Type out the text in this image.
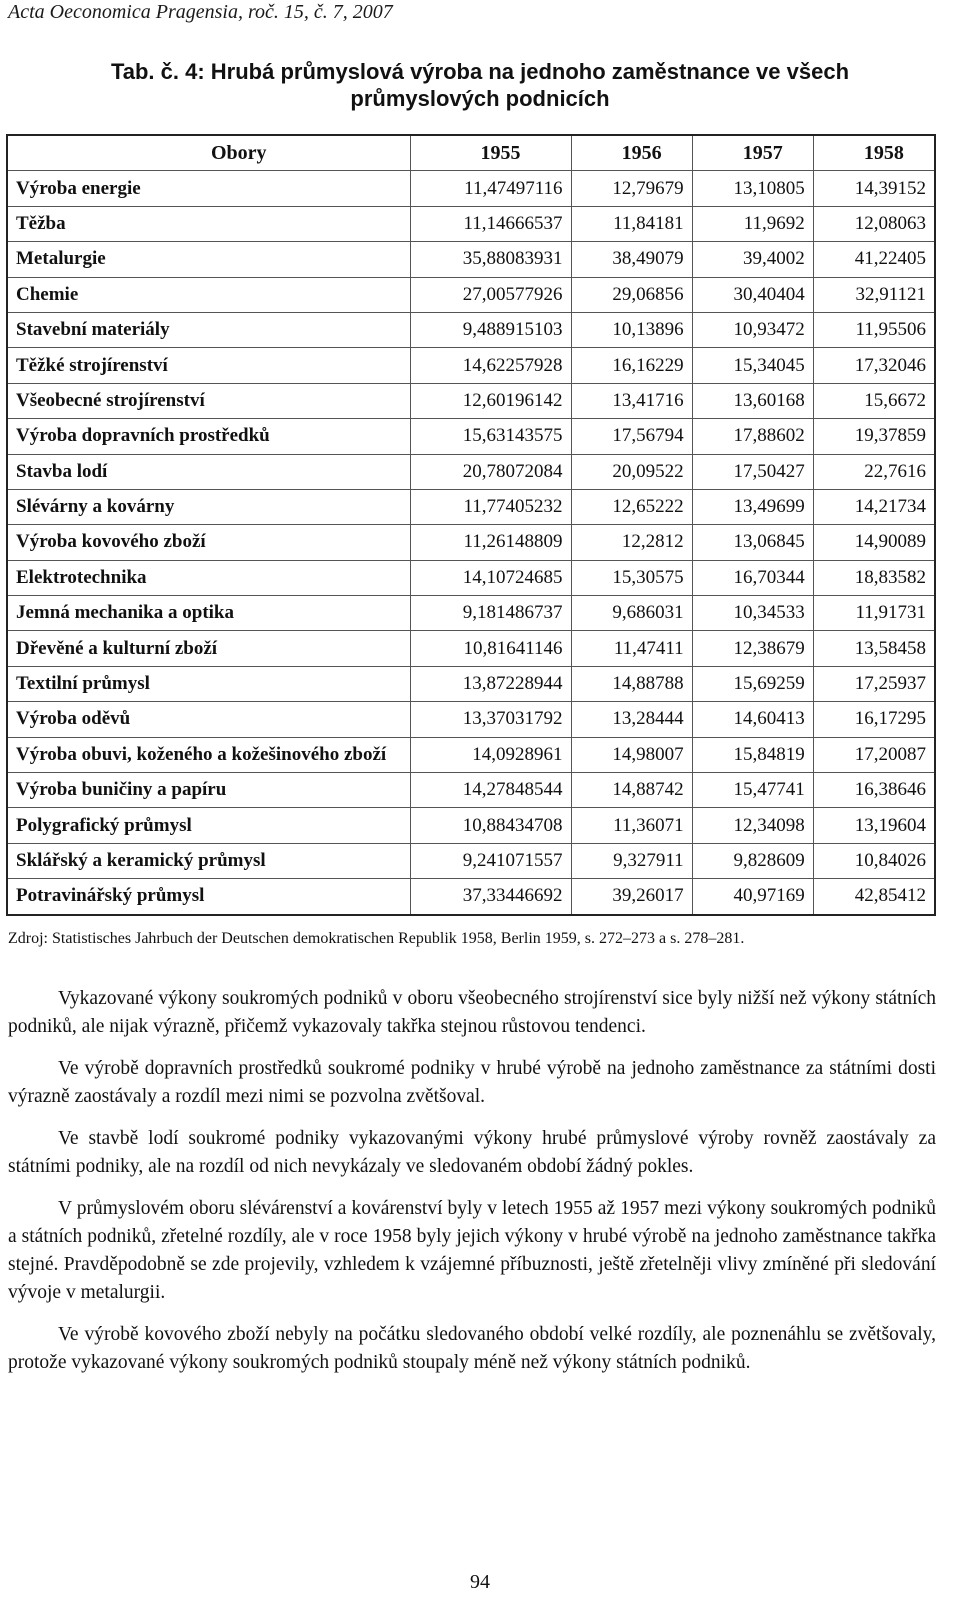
Acta Oeconomica Pragensia, roč. 15, č. 7, 2007
Tab. č. 4: Hrubá průmyslová výroba na jednoho zaměstnance ve všech
průmyslových podnicích
Obory	1955	1956	1957	1958
Výroba energie	11,47497116	12,79679	13,10805	14,39152
Těžba	11,14666537	11,84181	11,9692	12,08063
Metalurgie	35,88083931	38,49079	39,4002	41,22405
Chemie	27,00577926	29,06856	30,40404	32,91121
Stavební materiály	9,488915103	10,13896	10,93472	11,95506
Těžké strojírenství	14,62257928	16,16229	15,34045	17,32046
Všeobecné strojírenství	12,60196142	13,41716	13,60168	15,6672
Výroba dopravních prostředků	15,63143575	17,56794	17,88602	19,37859
Stavba lodí	20,78072084	20,09522	17,50427	22,7616
Slévárny a kovárny	11,77405232	12,65222	13,49699	14,21734
Výroba kovového zboží	11,26148809	12,2812	13,06845	14,90089
Elektrotechnika	14,10724685	15,30575	16,70344	18,83582
Jemná mechanika a optika	9,181486737	9,686031	10,34533	11,91731
Dřevěné a kulturní zboží	10,81641146	11,47411	12,38679	13,58458
Textilní průmysl	13,87228944	14,88788	15,69259	17,25937
Výroba oděvů	13,37031792	13,28444	14,60413	16,17295
Výroba obuvi, koženého a kožešinového zboží	14,0928961	14,98007	15,84819	17,20087
Výroba buničiny a papíru	14,27848544	14,88742	15,47741	16,38646
Polygrafický průmysl	10,88434708	11,36071	12,34098	13,19604
Sklářský a keramický průmysl	9,241071557	9,327911	9,828609	10,84026
Potravinářský průmysl	37,33446692	39,26017	40,97169	42,85412
Zdroj: Statistisches Jahrbuch der Deutschen demokratischen Republik 1958, Berlin 1959, s. 272–273 a s. 278–281.

Vykazované výkony soukromých podniků v oboru všeobecného strojírenství sice byly nižší než výkony státních podniků, ale nijak výrazně, přičemž vykazovaly takřka stejnou růstovou tendenci.

Ve výrobě dopravních prostředků soukromé podniky v hrubé výrobě na jednoho zaměstnance za státními dosti výrazně zaostávaly a rozdíl mezi nimi se pozvolna zvětšoval.

Ve stavbě lodí soukromé podniky vykazovanými výkony hrubé průmyslové výroby rovněž zaostávaly za státními podniky, ale na rozdíl od nich nevykázaly ve sledovaném období žádný pokles.

V průmyslovém oboru slévárenství a kovárenství byly v letech 1955 až 1957 mezi výkony soukromých podniků a státních podniků, zřetelné rozdíly, ale v roce 1958 byly jejich výkony v hrubé výrobě na jednoho zaměstnance takřka stejné. Pravděpodobně se zde projevily, vzhledem k vzájemné příbuznosti, ještě zřetelněji vlivy zmíněné při sledování vývoje v metalurgii.

Ve výrobě kovového zboží nebyly na počátku sledovaného období velké rozdíly, ale poznenáhlu se zvětšovaly, protože vykazované výkony soukromých podniků stoupaly méně než výkony státních podniků.

94
